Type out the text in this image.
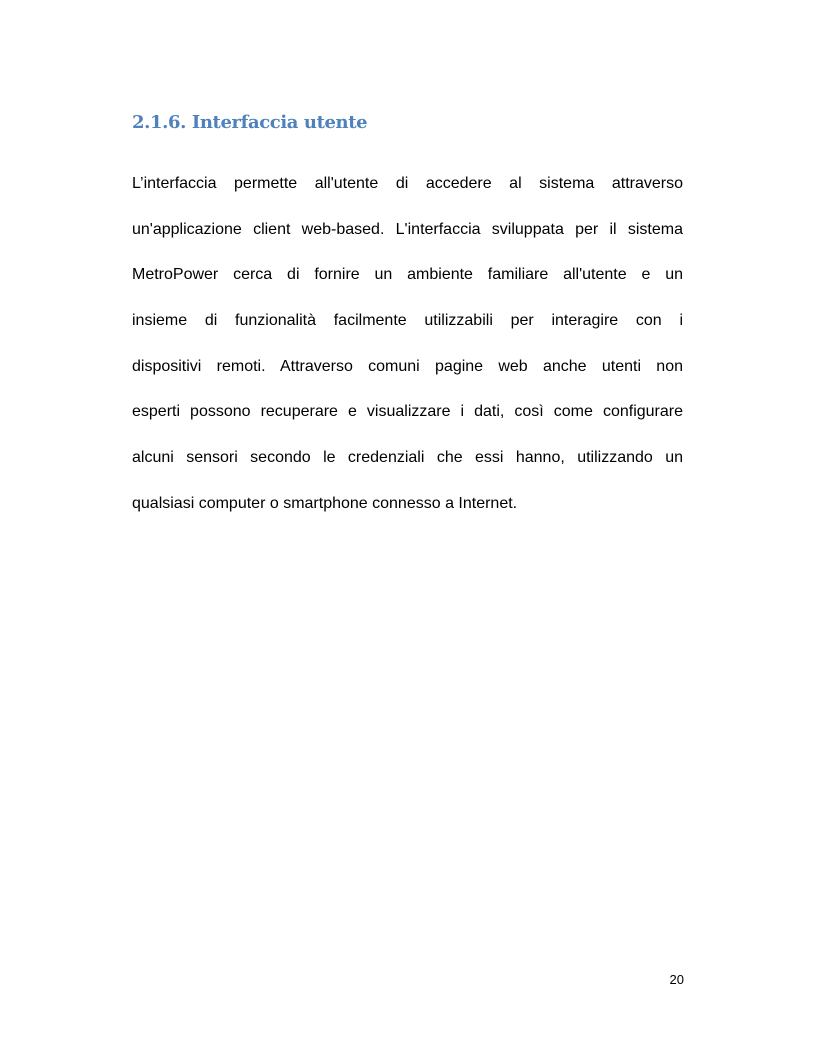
2.1.6. Interfaccia utente
L’interfaccia permette all'utente di accedere al sistema attraverso
un'applicazione client web-based. L'interfaccia sviluppata per il sistema
MetroPower cerca di fornire un ambiente familiare all'utente e un
insieme di funzionalità facilmente utilizzabili per interagire con i
dispositivi remoti. Attraverso comuni pagine web anche utenti non
esperti possono recuperare e visualizzare i dati, così come configurare
alcuni sensori secondo le credenziali che essi hanno, utilizzando un
qualsiasi computer o smartphone connesso a Internet.
20
